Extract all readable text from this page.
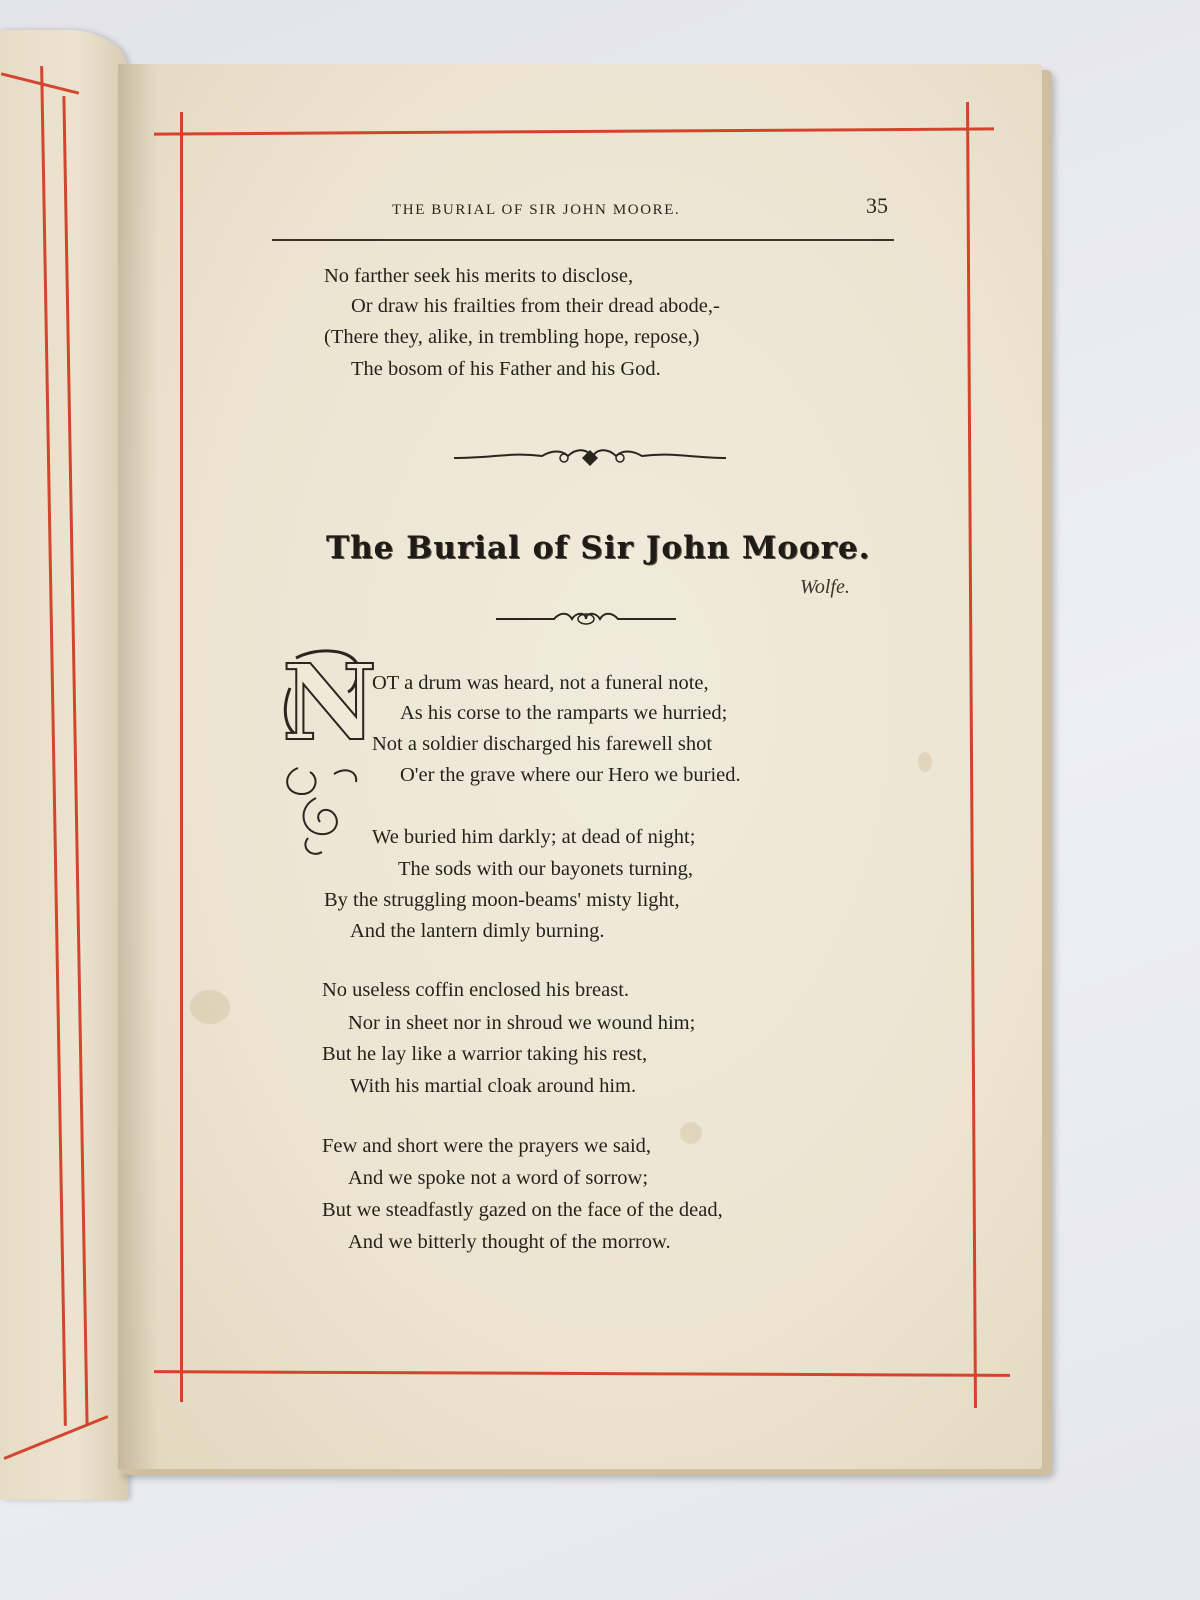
THE BURIAL OF SIR JOHN MOORE.	35
No farther seek his merits to disclose,
Or draw his frailties from their dread abode,-
(There they, alike, in trembling hope, repose,)
The bosom of his Father and his God.
The Burial of Sir John Moore.
Wolfe.
N
OT a drum was heard, not a funeral note,
As his corse to the ramparts we hurried;
Not a soldier discharged his farewell shot
O'er the grave where our Hero we buried.
We buried him darkly; at dead of night;
The sods with our bayonets turning,
By the struggling moon-beams' misty light,
And the lantern dimly burning.
No useless coffin enclosed his breast.
Nor in sheet nor in shroud we wound him;
But he lay like a warrior taking his rest,
With his martial cloak around him.
Few and short were the prayers we said,
And we spoke not a word of sorrow;
But we steadfastly gazed on the face of the dead,
And we bitterly thought of the morrow.
